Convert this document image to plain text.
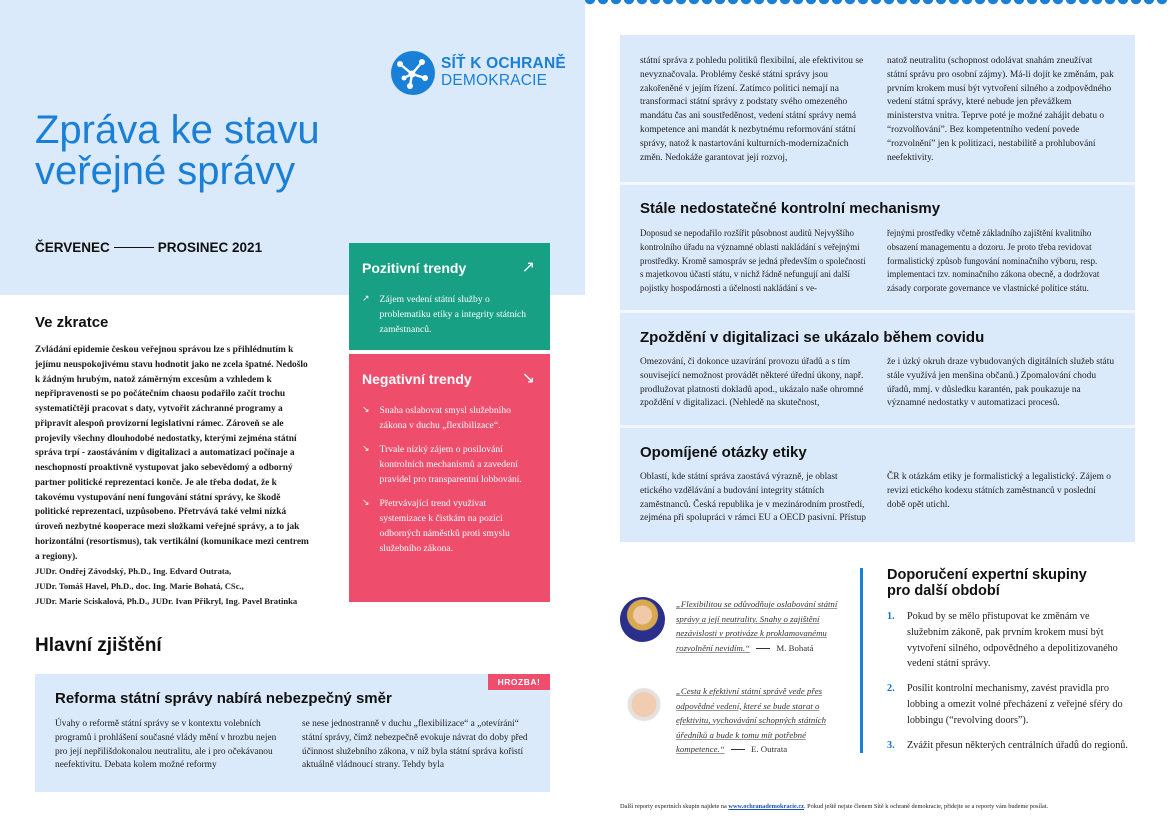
SÍŤ K OCHRANĚ
DEMOKRACIE
Zpráva ke stavu
veřejné správy
ČERVENEC	PROSINEC 2021
Ve zkratce
Zvládání epidemie českou veřejnou správou lze s přihlédnutím k jejímu neuspokojivému stavu hodnotit jako ne zcela špatné. Nedošlo k žádným hrubým, natož záměrným excesům a vzhledem k nepřipravenosti se po počátečním chaosu podařilo začít trochu systematičtěji pracovat s daty, vytvořit záchranné programy a připravit alespoň provizorní legislativní rámec. Zároveň se ale projevily všechny dlouhodobé nedostatky, kterými zejména státní správa trpí - zaostáváním v digitalizaci a automatizaci počínaje a neschopností proaktivně vystupovat jako sebevědomý a odborný partner politické reprezentaci konče. Je ale třeba dodat, že k takovému vystupování není fungování státní správy, ke škodě politické reprezentaci, uzpůsobeno. Přetrvává také velmi nízká úroveň nezbytné kooperace mezi složkami veřejné správy, a to jak horizontální (resortismus), tak vertikální (komunikace mezi centrem a regiony).
JUDr. Ondřej Závodský, Ph.D., Ing. Edvard Outrata,
JUDr. Tomáš Havel, Ph.D., doc. Ing. Marie Bohatá, CSc.,
JUDr. Marie Sciskalová, Ph.D., JUDr. Ivan Přikryl, Ing. Pavel Bratinka
Pozitivní trendy	↗
↗ Zájem vedení státní služby o problematiku etiky a integrity státních zaměstnanců.
Negativní trendy	↘
↘ Snaha oslabovat smysl služebního zákona v duchu „flexibilizace“.
↘ Trvale nízký zájem o posilování kontrolních mechanismů a zavedení pravidel pro transparentní lobbování.
↘ Přetrvávající trend využívat systemizace k čistkám na pozici odborných náměstků proti smyslu služebního zákona.
Hlavní zjištění
HROZBA!
Reforma státní správy nabírá nebezpečný směr
Úvahy o reformě státní správy se v kontextu volebních programů i prohlášení současné vlády mění v hrozbu nejen pro její nepřilišdokonalou neutralitu, ale i pro očekávanou neefektivitu. Debata kolem možné reformy
se nese jednostranně v duchu „flexibilizace“ a „otevírání“ státní správy, čímž nebezpečně evokuje návrat do doby před účinnost služebního zákona, v níž byla státní správa kořistí aktuálně vládnoucí strany. Tehdy byla
státní správa z pohledu politiků flexibilní, ale efektivitou se nevyznačovala. Problémy české státní správy jsou zakořeněné v jejím řízení. Zatímco politici nemají na transformaci státní správy z podstaty svého omezeného mandátu čas ani soustředěnost, vedení státní správy nemá kompetence ani mandát k nezbytnému reformování státní správy, natož k nastartování kulturních-modernizačních změn. Nedokáže garantovat její rozvoj,
natož neutralitu (schopnost odolávat snahám zneužívat státní správu pro osobní zájmy). Má-li dojít ke změnám, pak prvním krokem musí být vytvoření silného a zodpovědného vedení státní správy, které nebude jen převážkem ministerstva vnitra. Teprve poté je možné zahájit debatu o “rozvolňování”. Bez kompetentního vedení povede “rozvolnění” jen k politizaci, nestabilitě a prohlubování neefektivity.
Stále nedostatečné kontrolní mechanismy
Doposud se nepodařilo rozšířit působnost auditů Nejvyššího kontrolního úřadu na významné oblasti nakládání s veřejnými prostředky. Kromě samospráv se jedná především o společnosti s majetkovou účastí státu, v nichž řádně nefungují ani další pojistky hospodárnosti a účelnosti nakládání s ve-
řejnými prostředky včetně základního zajištění kvalitního obsazení managementu a dozoru. Je proto třeba revidovat formalistický způsob fungování nominačního výboru, resp. implementaci tzv. nominačního zákona obecně, a dodržovat zásady corporate governance ve vlastnické politice státu.
Zpoždění v digitalizaci se ukázalo během covidu
Omezování, či dokonce uzavírání provozu úřadů a s tím související nemožnost provádět některé úřední úkony, např. prodlužovat platnosti dokladů apod., ukázalo naše ohromné zpoždění v digitalizaci. (Nehledě na skutečnost,
že i úzký okruh draze vybudovaných digitálních služeb státu stále využívá jen menšina občanů.) Zpomalování chodu úřadů, mmj. v důsledku karantén, pak poukazuje na významné nedostatky v automatizaci procesů.
Opomíjené otázky etiky
Oblastí, kde státní správa zaostává výrazně, je oblast etického vzdělávání a budování integrity státních zaměstnanců. Česká republika je v mezinárodním prostředí, zejména při spolupráci v rámci EU a OECD pasivní. Přístup
ČR k otázkám etiky je formalistický a legalistický. Zájem o revizi etického kodexu státních zaměstnanců v poslední době opět utichl.
„Flexibilitou se odůvodňuje oslabování státní správy a její neutrality. Snahy o zajištění nezávislosti v protiváze k proklamovanému rozvolnění nevidím.“	M. Bohatá
„Cesta k efektivní státní správě vede přes odpovědné vedení, které se bude starat o efektivitu, vychovávání schopných státních úředníků a bude k tomu mít potřebné kompetence.“	E. Outrata
Doporučení expertní skupiny
pro další období
1.	Pokud by se mělo přistupovat ke změnám ve služebním zákoně, pak prvním krokem musí být vytvoření silného, odpovědného a depolitizovaného vedení státní správy.
2.	Posílit kontrolní mechanismy, zavést pravidla pro lobbing a omezit volné přecházení z veřejné sféry do lobbingu (“revolving doors”).
3.	Zvážit přesun některých centrálních úřadů do regionů.
Další reporty expertních skupin najdete na www.ochranademokracie.cz. Pokud ještě nejste členem Sítě k ochraně demokracie, přidejte se a reporty vám budeme posílat.
